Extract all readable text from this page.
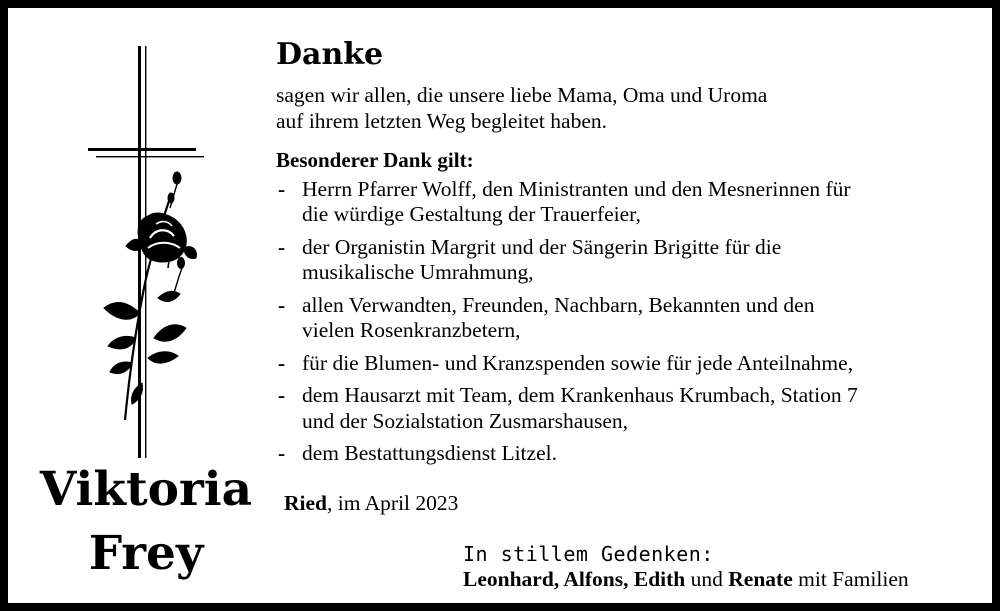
Viktoria
Frey
Danke

sagen wir allen, die unsere liebe Mama, Oma und Uroma
auf ihrem letzten Weg begleitet haben.

Besonderer Dank gilt:
- Herrn Pfarrer Wolff, den Ministranten und den Mesnerinnen für
die würdige Gestaltung der Trauerfeier,
- der Organistin Margrit und der Sängerin Brigitte für die
musikalische Umrahmung,
- allen Verwandten, Freunden, Nachbarn, Bekannten und den
vielen Rosenkranzbetern,
- für die Blumen- und Kranzspenden sowie für jede Anteilnahme,
- dem Hausarzt mit Team, dem Krankenhaus Krumbach, Station 7
und der Sozialstation Zusmarshausen,
- dem Bestattungsdienst Litzel.
Ried, im April 2023
In stillem Gedenken:
Leonhard, Alfons, Edith und Renate mit Familien
